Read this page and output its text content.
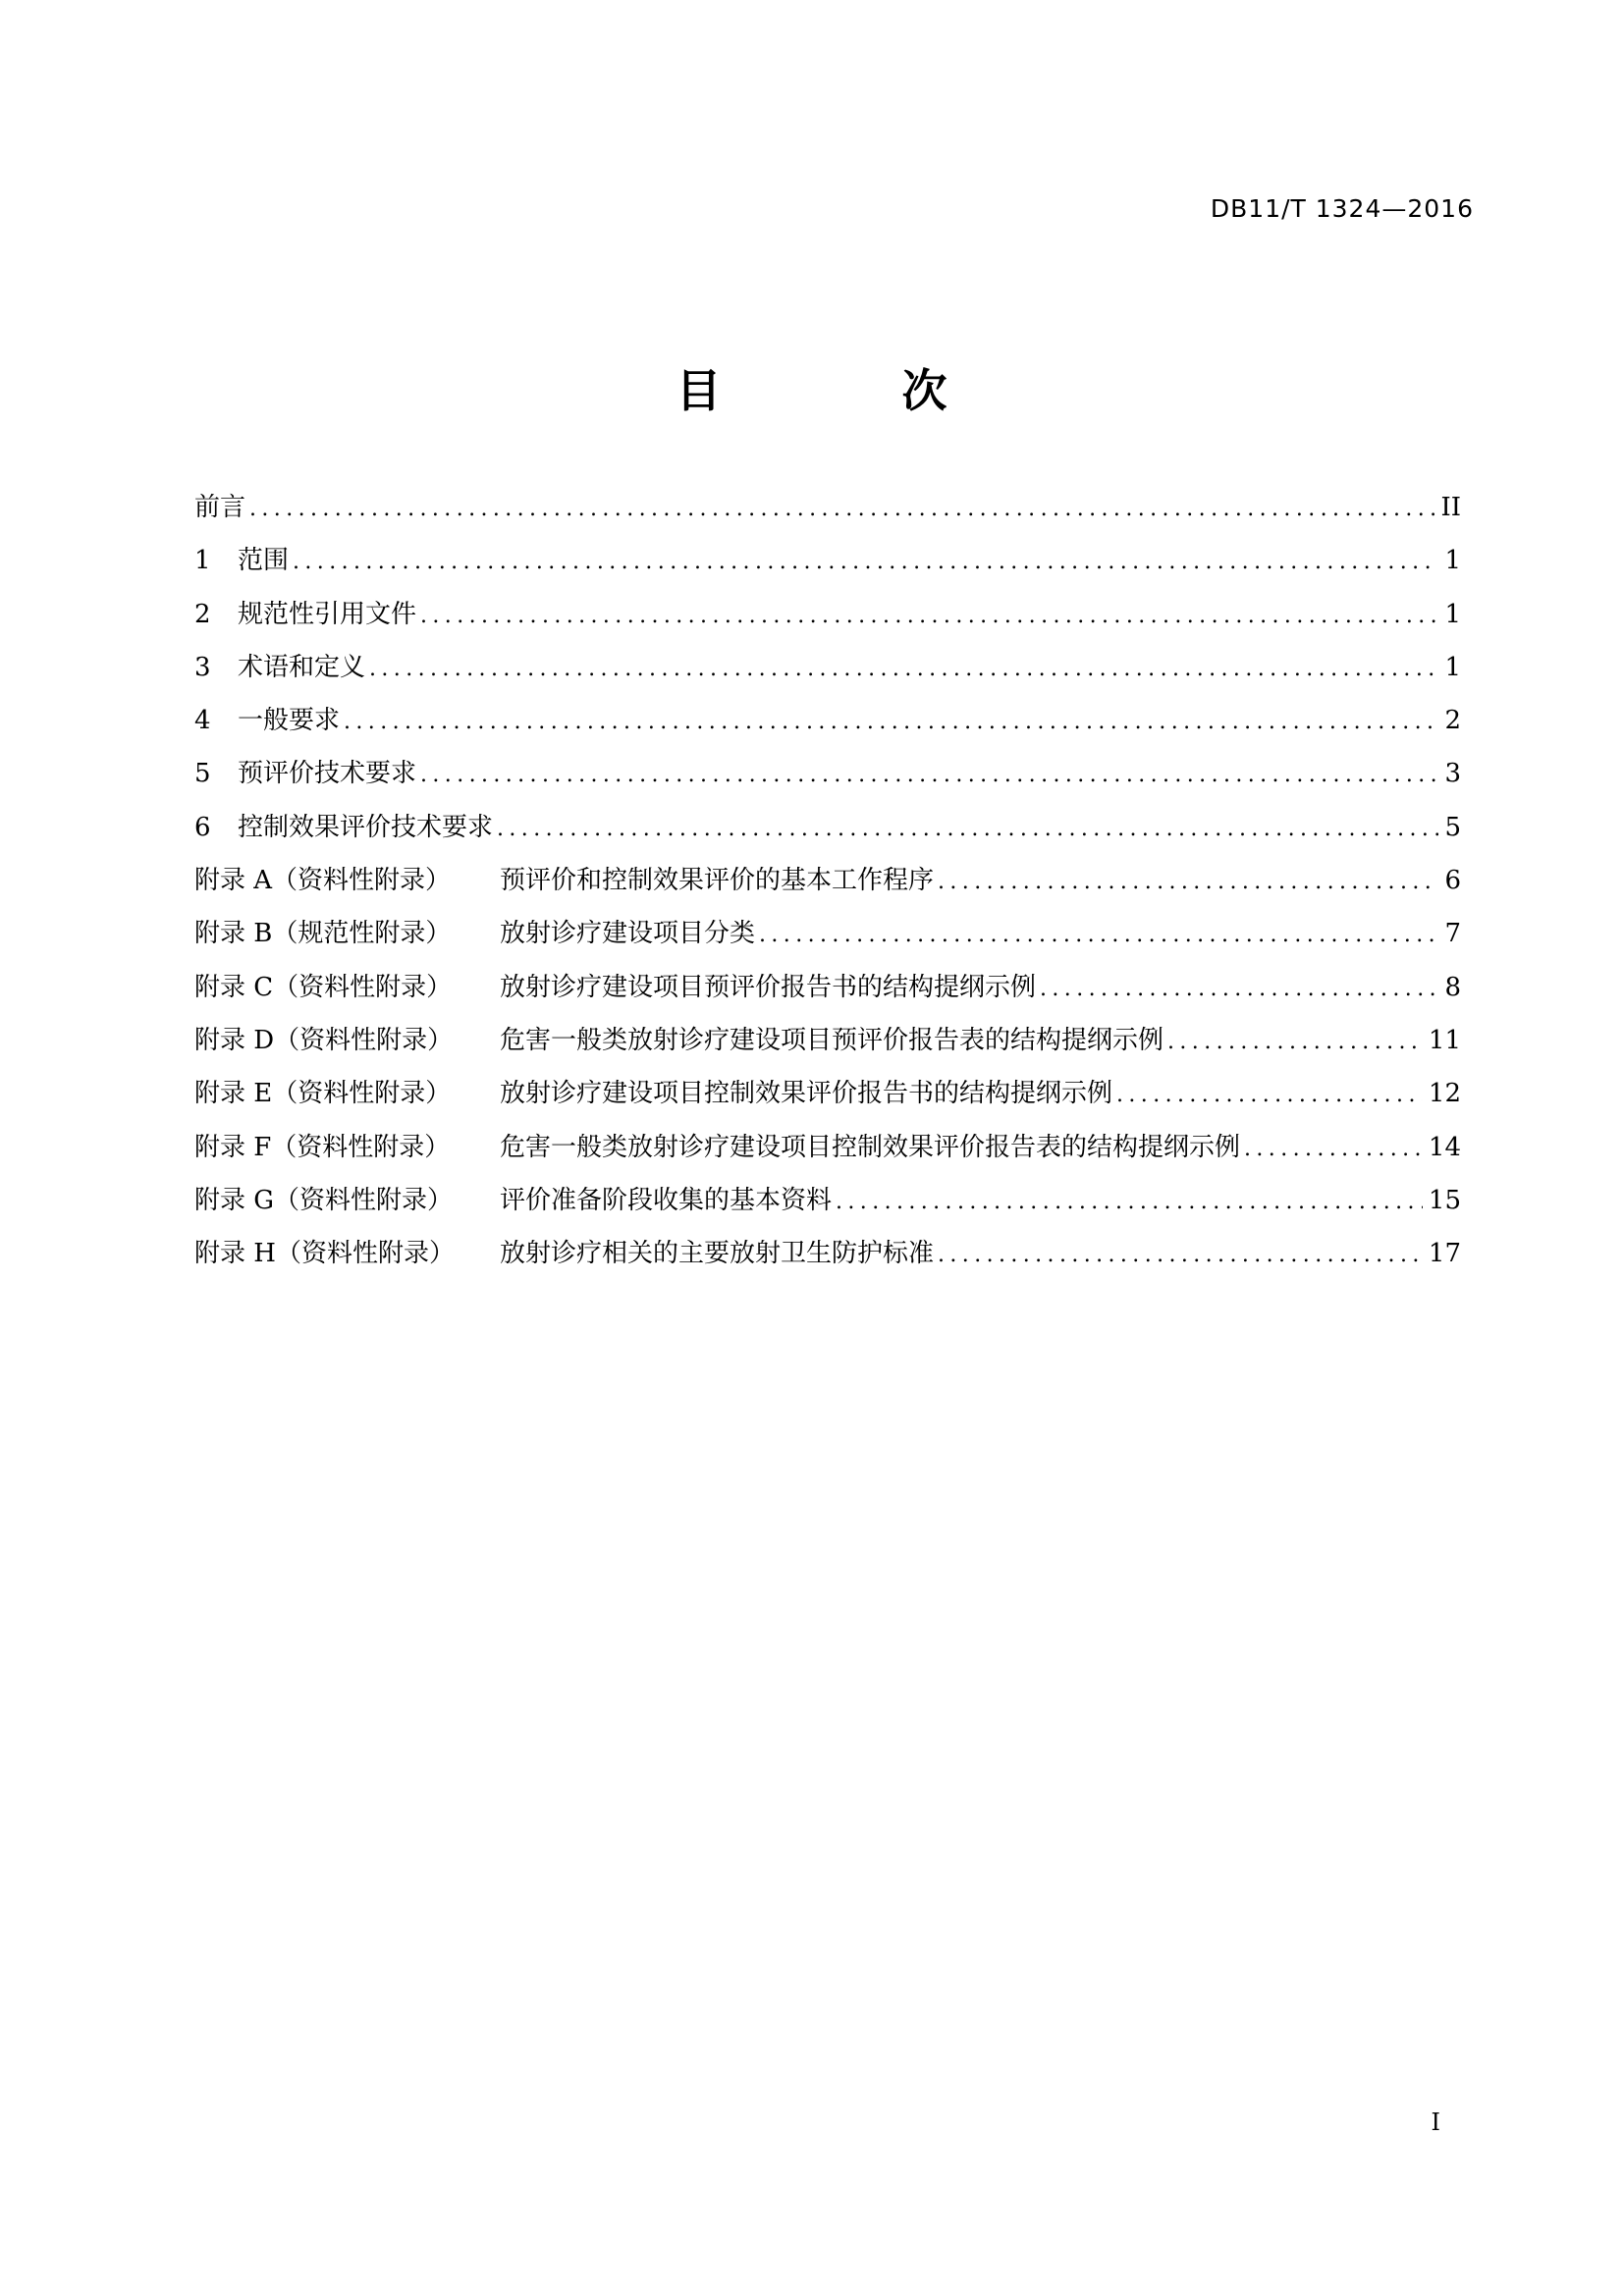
DB11/T 1324—2016
目 次
前言 .....	II
1	范围 .....	1
2	规范性引用文件 .....	1
3	术语和定义 .....	1
4	一般要求 .....	2
5	预评价技术要求 .....	3
6	控制效果评价技术要求 .....	5
附录 A（资料性附录）	预评价和控制效果评价的基本工作程序 .....	6
附录 B（规范性附录）	放射诊疗建设项目分类 .....	7
附录 C（资料性附录）	放射诊疗建设项目预评价报告书的结构提纲示例 .....	8
附录 D（资料性附录）	危害一般类放射诊疗建设项目预评价报告表的结构提纲示例 .....	11
附录 E（资料性附录）	放射诊疗建设项目控制效果评价报告书的结构提纲示例 .....	12
附录 F（资料性附录）	危害一般类放射诊疗建设项目控制效果评价报告表的结构提纲示例 .....	14
附录 G（资料性附录）	评价准备阶段收集的基本资料 .....	15
附录 H（资料性附录）	放射诊疗相关的主要放射卫生防护标准 .....	17
I
